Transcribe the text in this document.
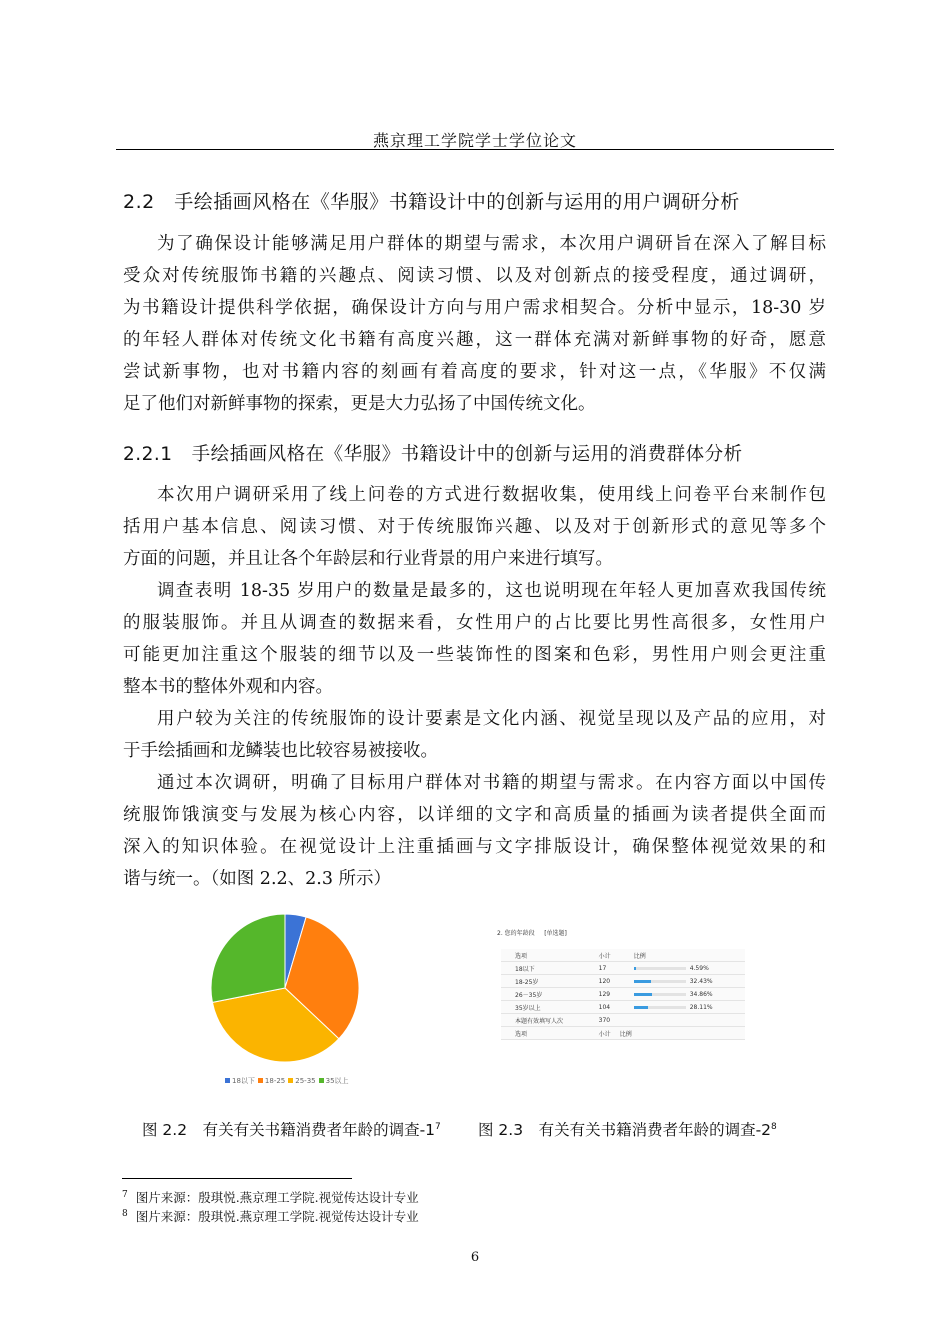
燕京理工学院学士学位论文
2.2　手绘插画风格在《华服》书籍设计中的创新与运用的用户调研分析
为了确保设计能够满足用户群体的期望与需求，本次用户调研旨在深入了解目标
受众对传统服饰书籍的兴趣点、阅读习惯、以及对创新点的接受程度，通过调研，
为书籍设计提供科学依据，确保设计方向与用户需求相契合。分析中显示，18-30 岁
的年轻人群体对传统文化书籍有高度兴趣，这一群体充满对新鲜事物的好奇，愿意
尝试新事物，也对书籍内容的刻画有着高度的要求，针对这一点，《华服》不仅满
足了他们对新鲜事物的探索，更是大力弘扬了中国传统文化。
2.2.1　手绘插画风格在《华服》书籍设计中的创新与运用的消费群体分析
本次用户调研采用了线上问卷的方式进行数据收集，使用线上问卷平台来制作包
括用户基本信息、阅读习惯、对于传统服饰兴趣、以及对于创新形式的意见等多个
方面的问题，并且让各个年龄层和行业背景的用户来进行填写。
调查表明 18-35 岁用户的数量是最多的，这也说明现在年轻人更加喜欢我国传统
的服装服饰。并且从调查的数据来看，女性用户的占比要比男性高很多，女性用户
可能更加注重这个服装的细节以及一些装饰性的图案和色彩，男性用户则会更注重
整本书的整体外观和内容。
用户较为关注的传统服饰的设计要素是文化内涵、视觉呈现以及产品的应用，对
于手绘插画和龙鳞装也比较容易被接收。
通过本次调研，明确了目标用户群体对书籍的期望与需求。在内容方面以中国传
统服饰饿演变与发展为核心内容，以详细的文字和高质量的插画为读者提供全面而
深入的知识体验。在视觉设计上注重插画与文字排版设计，确保整体视觉效果的和
谐与统一。（如图 2.2、2.3 所示）
18以下 18-25 25-35 35以上
2. 您的年龄段 [单选题]
选项	小计	比例
18以下	17	4.59%
18-25岁	120	32.43%
26－35岁	129	34.86%
35岁以上	104	28.11%
本题有效填写人次	370	
选项	小计	比例
图 2.2　有关有关书籍消费者年龄的调查$-1^7$ 图 2.3　有关有关书籍消费者年龄的调查$-2^8$
$^7$ 图片来源：殷琪悦.燕京理工学院.视觉传达设计专业
$^8$ 图片来源：殷琪悦.燕京理工学院.视觉传达设计专业
6
